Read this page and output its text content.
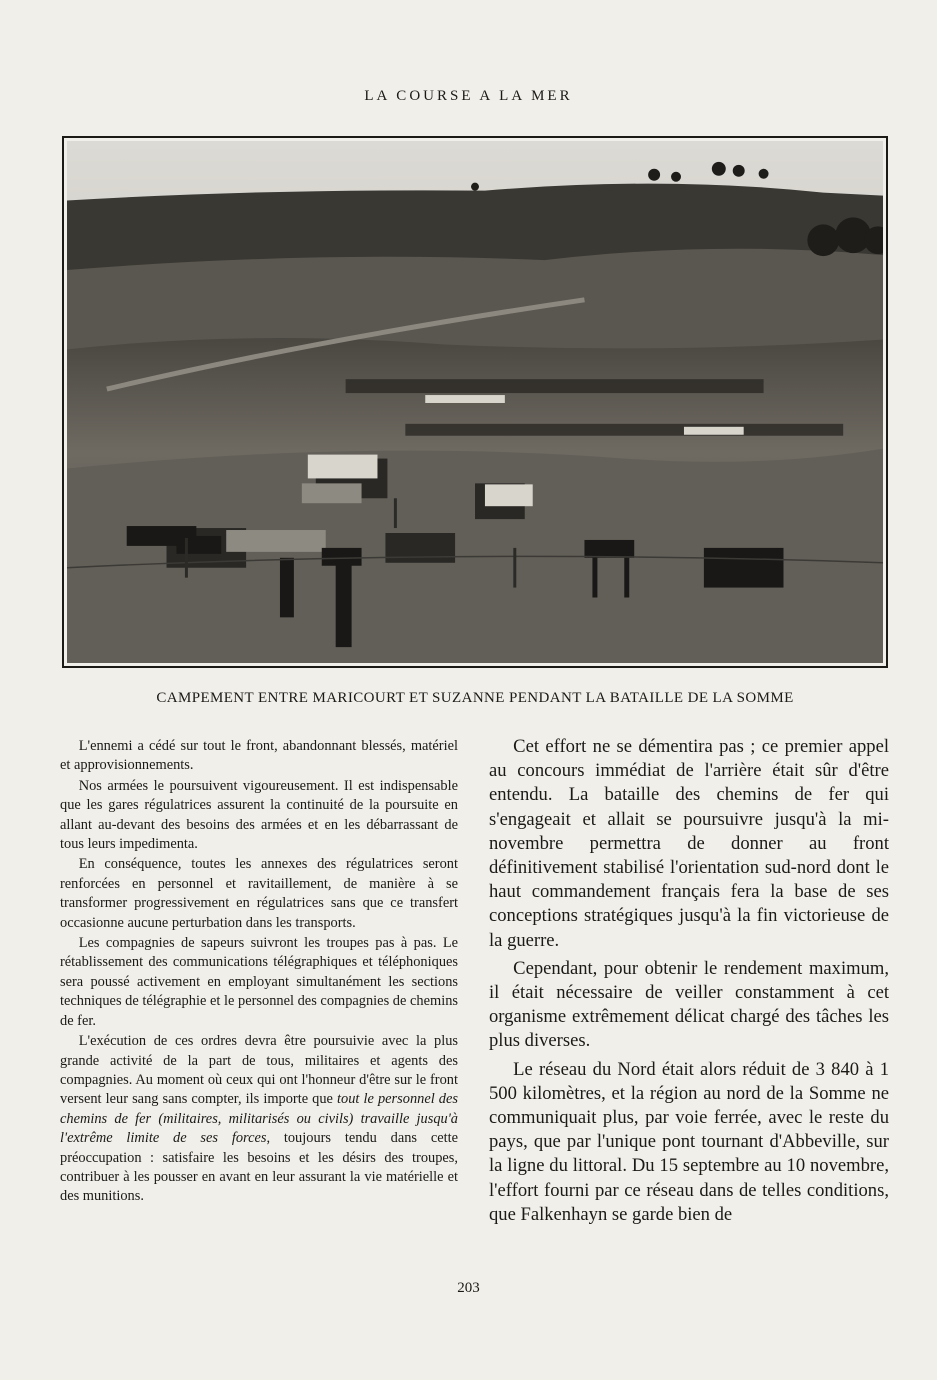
LA COURSE A LA MER
CAMPEMENT ENTRE MARICOURT ET SUZANNE PENDANT LA BATAILLE DE LA SOMME

L'ennemi a cédé sur tout le front, abandonnant blessés, matériel et approvisionnements.

Nos armées le poursuivent vigoureusement. Il est indispensable que les gares régulatrices assurent la continuité de la poursuite en allant au-devant des besoins des armées et en les débarrassant de tous leurs impedimenta.

En conséquence, toutes les annexes des régulatrices seront renforcées en personnel et ravitaillement, de manière à se transformer progressivement en régulatrices sans que ce transfert occasionne aucune perturbation dans les transports.

Les compagnies de sapeurs suivront les troupes pas à pas. Le rétablissement des communications télégraphiques et téléphoniques sera poussé activement en employant simultanément les sections techniques de télégraphie et le personnel des compagnies de chemins de fer.

L'exécution de ces ordres devra être poursuivie avec la plus grande activité de la part de tous, militaires et agents des compagnies. Au moment où ceux qui ont l'honneur d'être sur le front versent leur sang sans compter, ils importe que tout le personnel des chemins de fer (militaires, militarisés ou civils) travaille jusqu'à l'extrême limite de ses forces, toujours tendu dans cette préoccupation : satisfaire les besoins et les désirs des troupes, contribuer à les pousser en avant en leur assurant la vie matérielle et des munitions.

Cet effort ne se démentira pas ; ce premier appel au concours immédiat de l'arrière était sûr d'être entendu. La bataille des chemins de fer qui s'engageait et allait se poursuivre jusqu'à la mi-novembre permettra de donner au front définitivement stabilisé l'orientation sud-nord dont le haut commandement français fera la base de ses conceptions stratégiques jusqu'à la fin victorieuse de la guerre.

Cependant, pour obtenir le rendement maximum, il était nécessaire de veiller constamment à cet organisme extrêmement délicat chargé des tâches les plus diverses.

Le réseau du Nord était alors réduit de 3 840 à 1 500 kilomètres, et la région au nord de la Somme ne communiquait plus, par voie ferrée, avec le reste du pays, que par l'unique pont tournant d'Abbeville, sur la ligne du littoral. Du 15 septembre au 10 novembre, l'effort fourni par ce réseau dans de telles conditions, que Falkenhayn se garde bien de

203
